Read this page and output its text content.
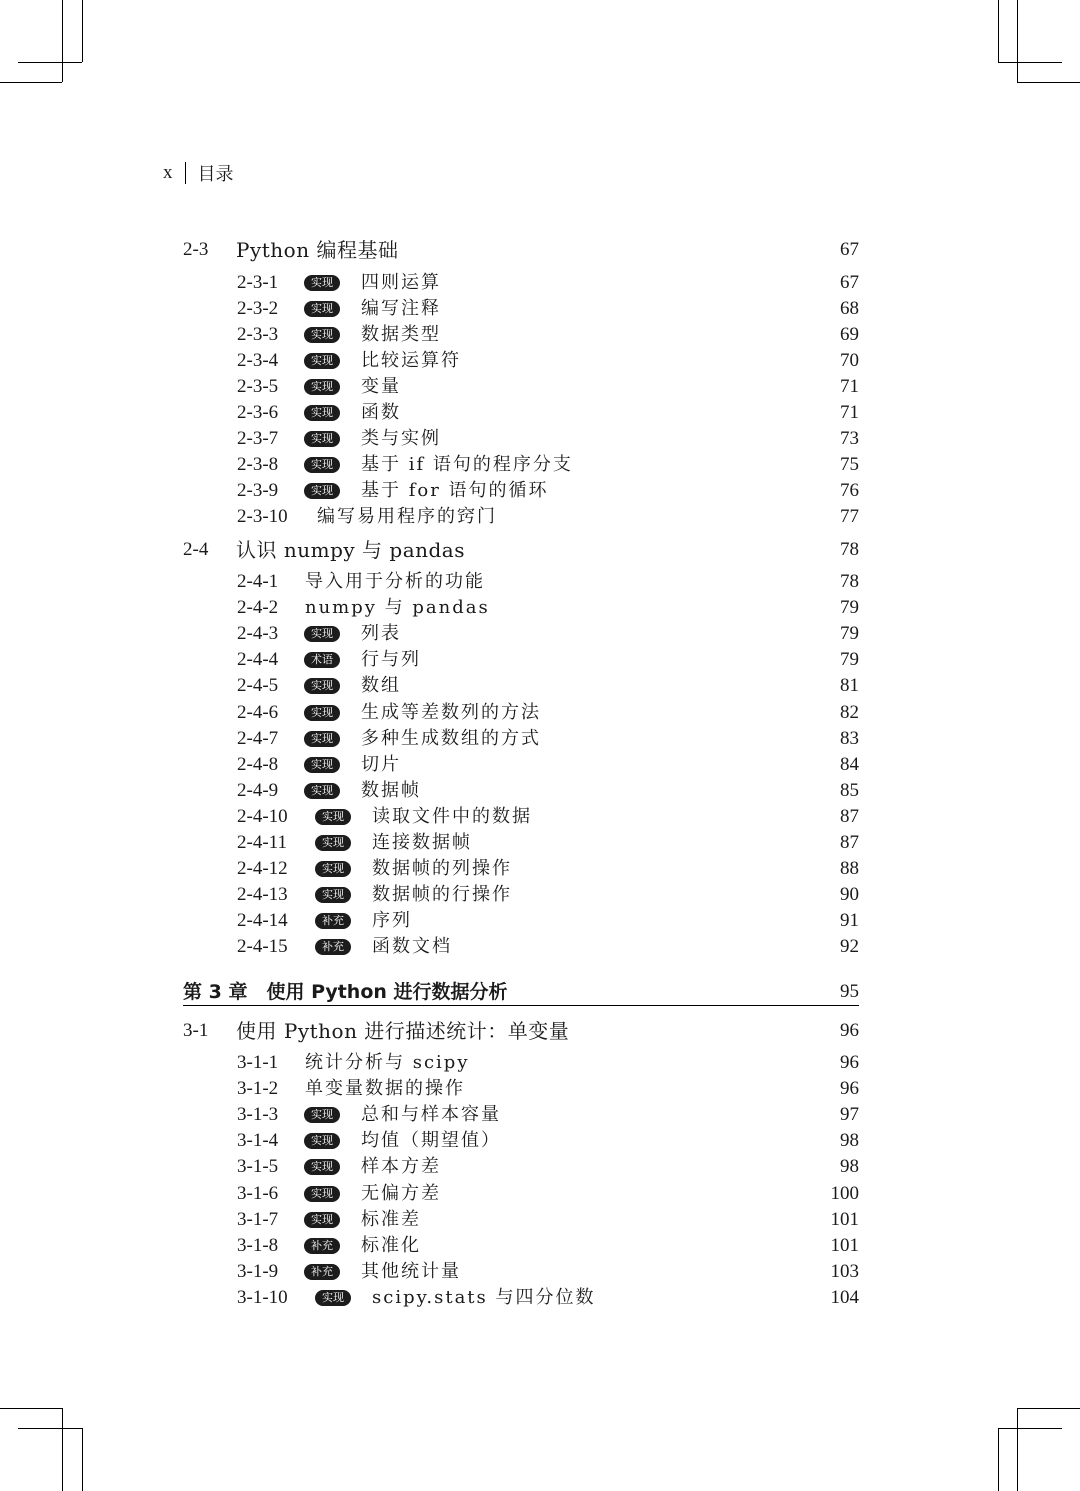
x 目录
2-3 Python 编程基础	67
2-3-1	实现	四则运算	67
2-3-2	实现	编写注释	68
2-3-3	实现	数据类型	69
2-3-4	实现	比较运算符	70
2-3-5	实现	变量	71
2-3-6	实现	函数	71
2-3-7	实现	类与实例	73
2-3-8	实现	基于 if 语句的程序分支	75
2-3-9	实现	基于 for 语句的循环	76
2-3-10 编写易用程序的窍门	77
2-4 认识 numpy 与 pandas	78
2-4-1 导入用于分析的功能	78
2-4-2 numpy 与 pandas	79
2-4-3	实现	列表	79
2-4-4	术语	行与列	79
2-4-5	实现	数组	81
2-4-6	实现	生成等差数列的方法	82
2-4-7	实现	多种生成数组的方式	83
2-4-8	实现	切片	84
2-4-9	实现	数据帧	85
2-4-10	实现	读取文件中的数据	87
2-4-11	实现	连接数据帧	87
2-4-12	实现	数据帧的列操作	88
2-4-13	实现	数据帧的行操作	90
2-4-14	补充	序列	91
2-4-15	补充	函数文档	92
第 3 章　使用 Python 进行数据分析	95
3-1 使用 Python 进行描述统计：单变量	96
3-1-1 统计分析与 scipy	96
3-1-2 单变量数据的操作	96
3-1-3	实现	总和与样本容量	97
3-1-4	实现	均值（期望值）	98
3-1-5	实现	样本方差	98
3-1-6	实现	无偏方差	100
3-1-7	实现	标准差	101
3-1-8	补充	标准化	101
3-1-9	补充	其他统计量	103
3-1-10	实现	scipy.stats 与四分位数	104
